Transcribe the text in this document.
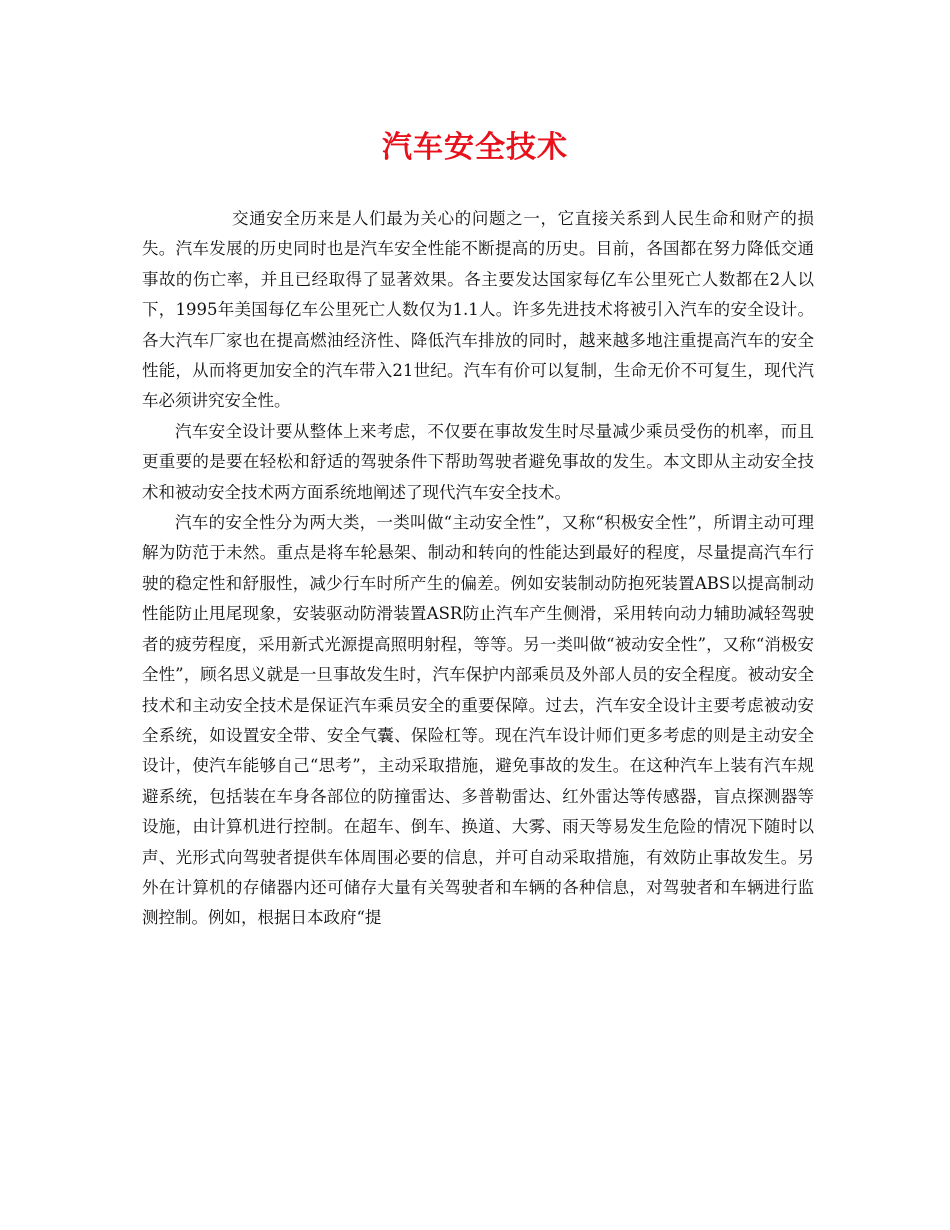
汽车安全技术

交通安全历来是人们最为关心的问题之一，它直接关系到人民生命和财产的损失。汽车发展的历史同时也是汽车安全性能不断提高的历史。目前，各国都在努力降低交通事故的伤亡率，并且已经取得了显著效果。各主要发达国家每亿车公里死亡人数都在2人以下，1995年美国每亿车公里死亡人数仅为1.1人。许多先进技术将被引入汽车的安全设计。各大汽车厂家也在提高燃油经济性、降低汽车排放的同时，越来越多地注重提高汽车的安全性能，从而将更加安全的汽车带入21世纪。汽车有价可以复制，生命无价不可复生，现代汽车必须讲究安全性。

汽车安全设计要从整体上来考虑，不仅要在事故发生时尽量减少乘员受伤的机率，而且更重要的是要在轻松和舒适的驾驶条件下帮助驾驶者避免事故的发生。本文即从主动安全技术和被动安全技术两方面系统地阐述了现代汽车安全技术。

汽车的安全性分为两大类，一类叫做“主动安全性”，又称“积极安全性”，所谓主动可理解为防范于未然。重点是将车轮悬架、制动和转向的性能达到最好的程度，尽量提高汽车行驶的稳定性和舒服性，减少行车时所产生的偏差。例如安装制动防抱死装置ABS以提高制动性能防止甩尾现象，安装驱动防滑装置ASR防止汽车产生侧滑，采用转向动力辅助减轻驾驶者的疲劳程度，采用新式光源提高照明射程，等等。另一类叫做“被动安全性”，又称“消极安全性”，顾名思义就是一旦事故发生时，汽车保护内部乘员及外部人员的安全程度。被动安全技术和主动安全技术是保证汽车乘员安全的重要保障。过去，汽车安全设计主要考虑被动安全系统，如设置安全带、安全气囊、保险杠等。现在汽车设计师们更多考虑的则是主动安全设计，使汽车能够自己“思考”，主动采取措施，避免事故的发生。在这种汽车上装有汽车规避系统，包括装在车身各部位的防撞雷达、多普勒雷达、红外雷达等传感器，盲点探测器等设施，由计算机进行控制。在超车、倒车、换道、大雾、雨天等易发生危险的情况下随时以声、光形式向驾驶者提供车体周围必要的信息，并可自动采取措施，有效防止事故发生。另外在计算机的存储器内还可储存大量有关驾驶者和车辆的各种信息，对驾驶者和车辆进行监测控制。例如，根据日本政府“提
